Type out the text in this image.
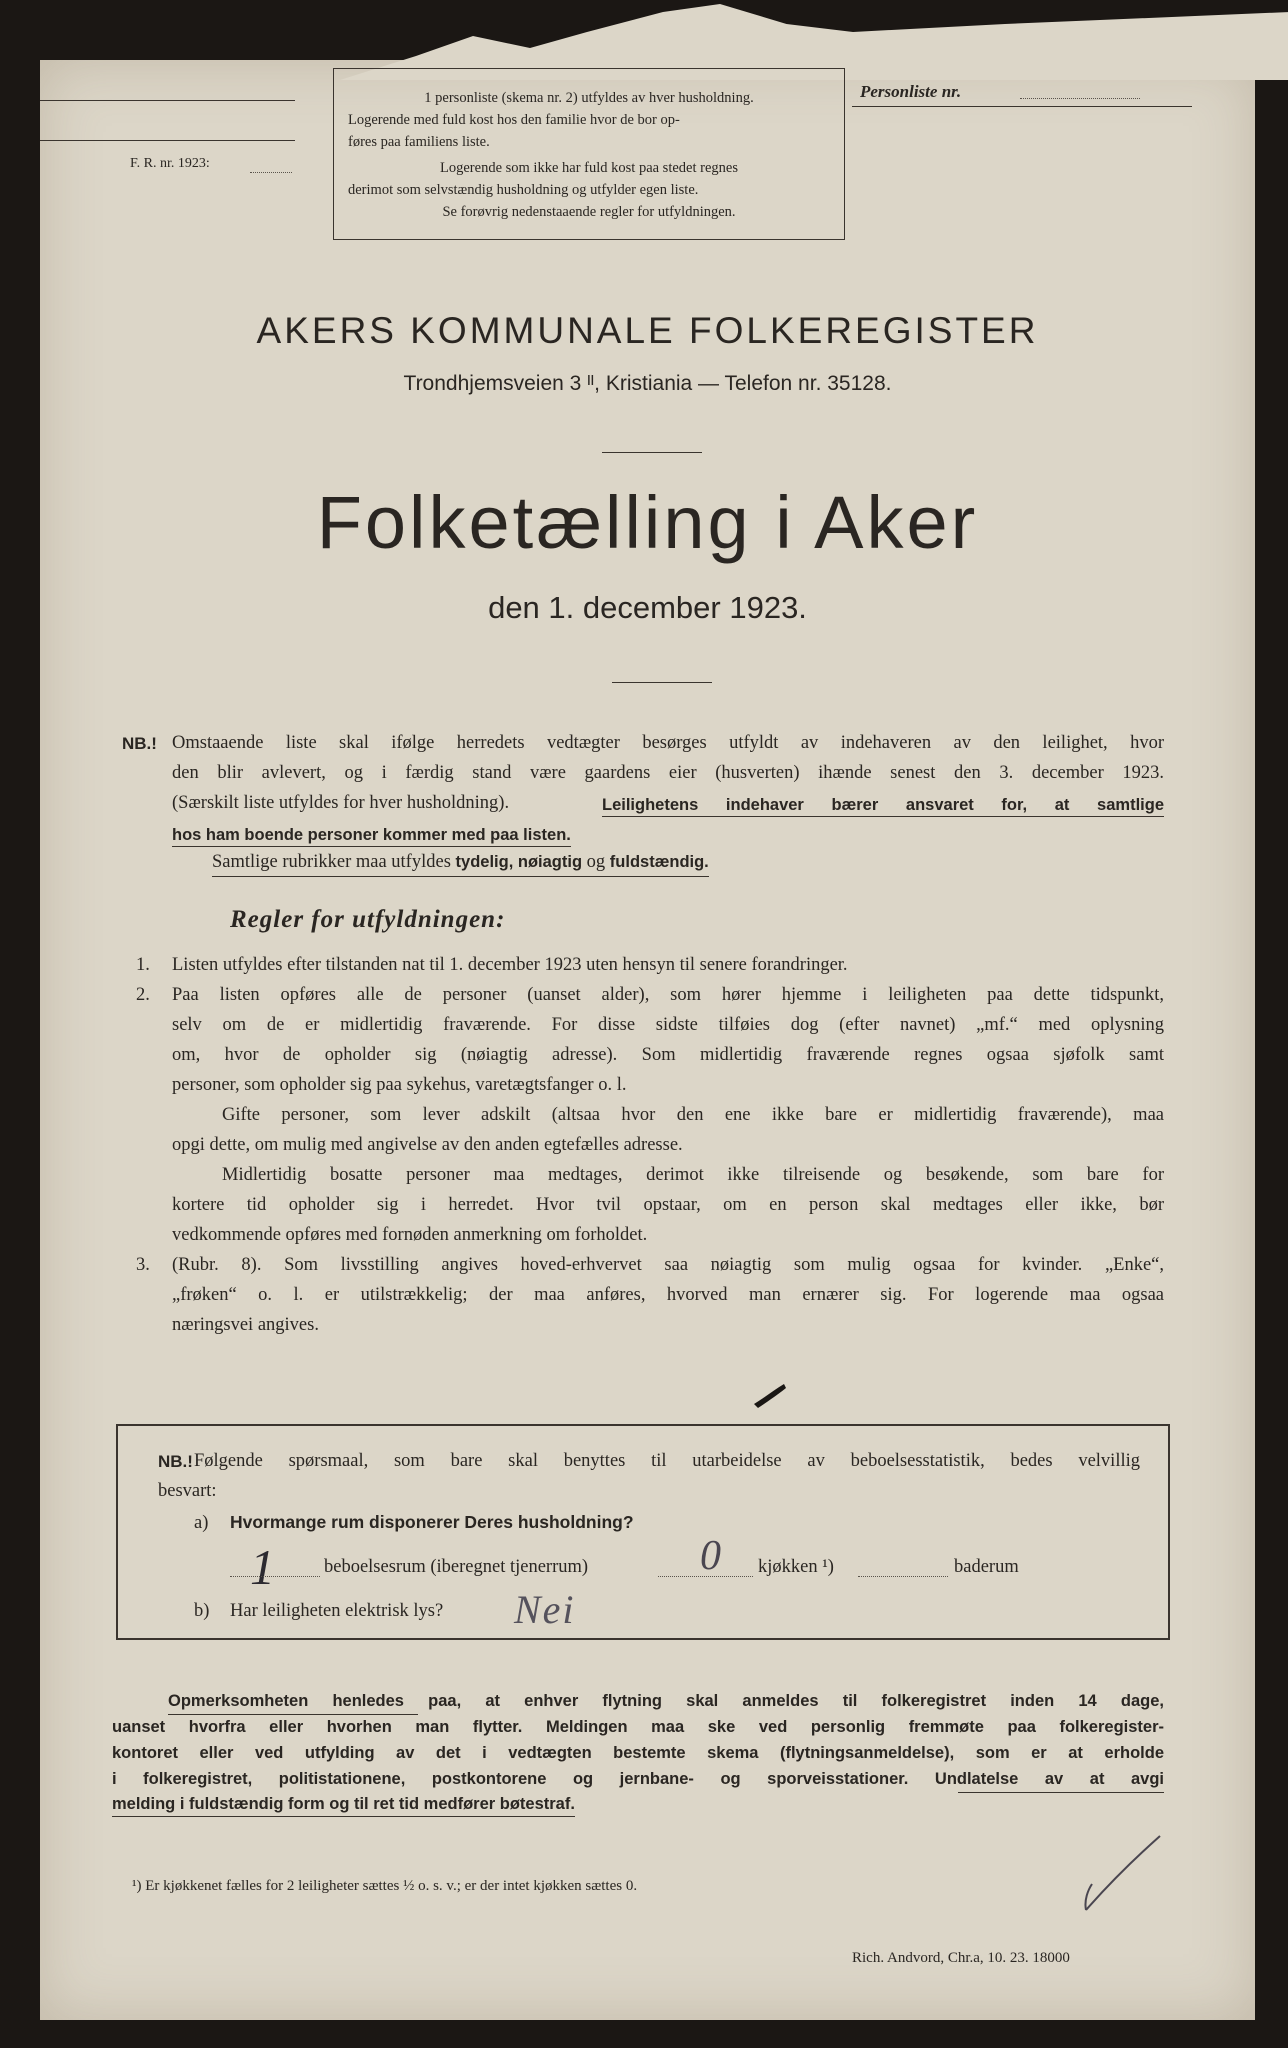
F. R. nr. 1923:
1 personliste (skema nr. 2) utfyldes av hver husholdning.
Logerende med fuld kost hos den familie hvor de bor op-
føres paa familiens liste.
Logerende som ikke har fuld kost paa stedet regnes
derimot som selvstændig husholdning og utfylder egen liste.
Se forøvrig nedenstaaende regler for utfyldningen.
Personliste nr.
AKERS KOMMUNALE FOLKEREGISTER
Trondhjemsveien 3 ᴵᴵ, Kristiania — Telefon nr. 35128.
Folketælling i Aker
den 1. december 1923.
NB.! Omstaaende liste skal ifølge herredets vedtægter besørges utfyldt av indehaveren av den leilighet, hvor
den blir avlevert, og i færdig stand være gaardens eier (husverten) ihænde senest den 3. december 1923.
(Særskilt liste utfyldes for hver husholdning).	Leilighetens indehaver bærer ansvaret for, at samtlige
hos ham boende personer kommer med paa listen.
Samtlige rubrikker maa utfyldes tydelig, nøiagtig og fuldstændig.
Regler for utfyldningen:
1. Listen utfyldes efter tilstanden nat til 1. december 1923 uten hensyn til senere forandringer.
2. Paa listen opføres alle de personer (uanset alder), som hører hjemme i leiligheten paa dette tidspunkt,
selv om de er midlertidig fraværende. For disse sidste tilføies dog (efter navnet) „mf.“ med oplysning
om, hvor de opholder sig (nøiagtig adresse). Som midlertidig fraværende regnes ogsaa sjøfolk samt
personer, som opholder sig paa sykehus, varetægtsfanger o. l.
Gifte personer, som lever adskilt (altsaa hvor den ene ikke bare er midlertidig fraværende), maa
opgi dette, om mulig med angivelse av den anden egtefælles adresse.
Midlertidig bosatte personer maa medtages, derimot ikke tilreisende og besøkende, som bare for
kortere tid opholder sig i herredet. Hvor tvil opstaar, om en person skal medtages eller ikke, bør
vedkommende opføres med fornøden anmerkning om forholdet.
3. (Rubr. 8). Som livsstilling angives hoved-erhvervet saa nøiagtig som mulig ogsaa for kvinder. „Enke“,
„frøken“ o. l. er utilstrækkelig; der maa anføres, hvorved man ernærer sig. For logerende maa ogsaa
næringsvei angives.
NB.! Følgende spørsmaal, som bare skal benyttes til utarbeidelse av beboelsesstatistik, bedes velvillig
besvart:
a) Hvormange rum disponerer Deres husholdning?
1	beboelsesrum (iberegnet tjenerrum)	0 kjøkken ¹)	baderum
b) Har leiligheten elektrisk lys? Nei
Opmerksomheten henledes paa, at enhver flytning skal anmeldes til folkeregistret inden 14 dage,
uanset hvorfra eller hvorhen man flytter. Meldingen maa ske ved personlig fremmøte paa folkeregister-
kontoret eller ved utfylding av det i vedtægten bestemte skema (flytningsanmeldelse), som er at erholde
i folkeregistret, politistationene, postkontorene og jernbane- og sporveisstationer. Undlatelse av at avgi
melding i fuldstændig form og til ret tid medfører bøtestraf.
¹) Er kjøkkenet fælles for 2 leiligheter sættes ½ o. s. v.; er der intet kjøkken sættes 0.
Rich. Andvord, Chr.a, 10. 23. 18000
